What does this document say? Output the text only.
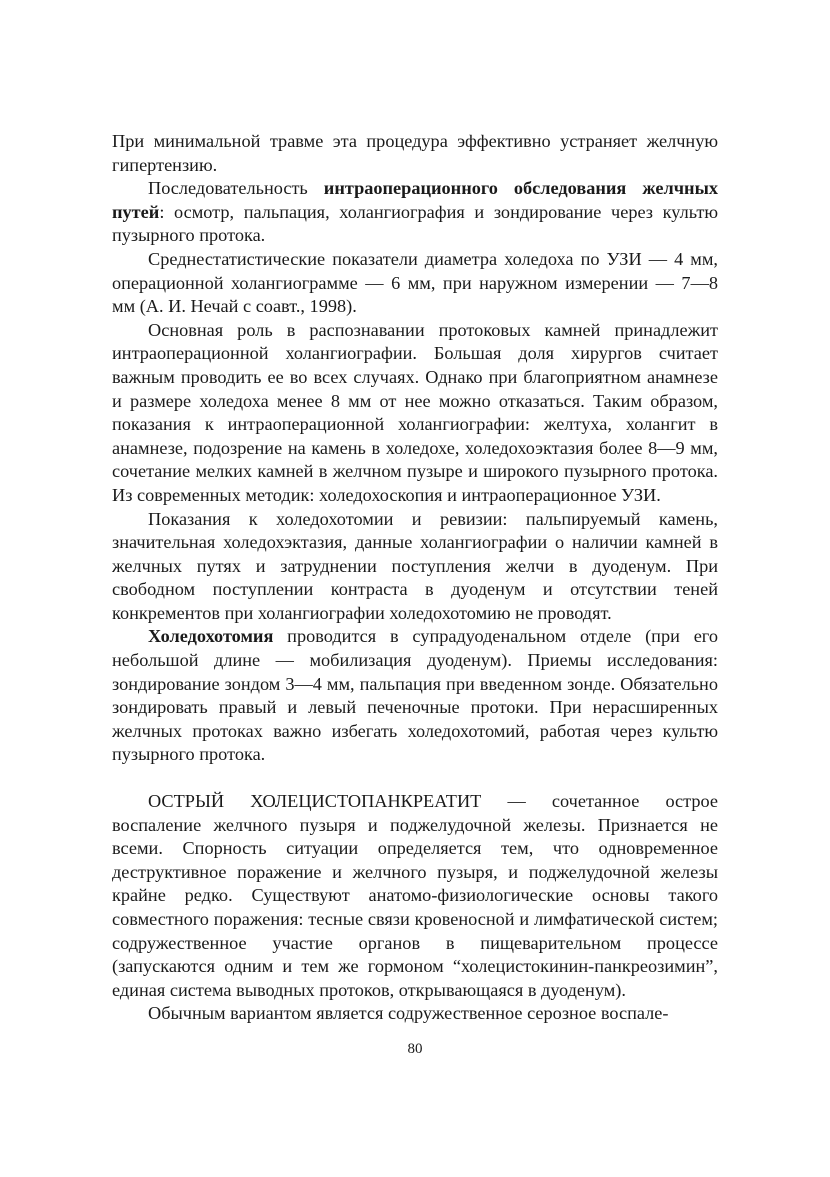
При минимальной травме эта процедура эффективно устраняет желчную гипертензию.

Последовательность интраоперационного обследования желчных путей: осмотр, пальпация, холангиография и зондирование через культю пузырного протока.

Среднестатистические показатели диаметра холедоха по УЗИ — 4 мм, операционной холангиограмме — 6 мм, при наружном измерении — 7—8 мм (А. И. Нечай с соавт., 1998).

Основная роль в распознавании протоковых камней принадлежит интраоперационной холангиографии. Большая доля хирургов считает важным проводить ее во всех случаях. Однако при благоприятном анамнезе и размере холедоха менее 8 мм от нее можно отказаться. Таким образом, показания к интраоперационной холангиографии: желтуха, холангит в анамнезе, подозрение на камень в холедохе, холедохоэктазия более 8—9 мм, сочетание мелких камней в желчном пузыре и широкого пузырного протока. Из современных методик: холедохоскопия и интраоперационное УЗИ.

Показания к холедохотомии и ревизии: пальпируемый камень, значительная холедохэктазия, данные холангиографии о наличии камней в желчных путях и затруднении поступления желчи в дуоденум. При свободном поступлении контраста в дуоденум и отсутствии теней конкрементов при холангиографии холедохотомию не проводят.

Холедохотомия проводится в супрадуоденальном отделе (при его небольшой длине — мобилизация дуоденум). Приемы исследования: зондирование зондом 3—4 мм, пальпация при введенном зонде. Обязательно зондировать правый и левый печеночные протоки. При нерасширенных желчных протоках важно избегать холедохотомий, работая через культю пузырного протока.

ОСТРЫЙ ХОЛЕЦИСТОПАНКРЕАТИТ — сочетанное острое воспаление желчного пузыря и поджелудочной железы. Признается не всеми. Спорность ситуации определяется тем, что одновременное деструктивное поражение и желчного пузыря, и поджелудочной железы крайне редко. Существуют анатомо-физиологические основы такого совместного поражения: тесные связи кровеносной и лимфатической систем; содружественное участие органов в пищеварительном процессе (запускаются одним и тем же гормоном “холецистокинин-панкреозимин”, единая система выводных протоков, открывающаяся в дуоденум).

Обычным вариантом является содружественное серозное воспале-

80
